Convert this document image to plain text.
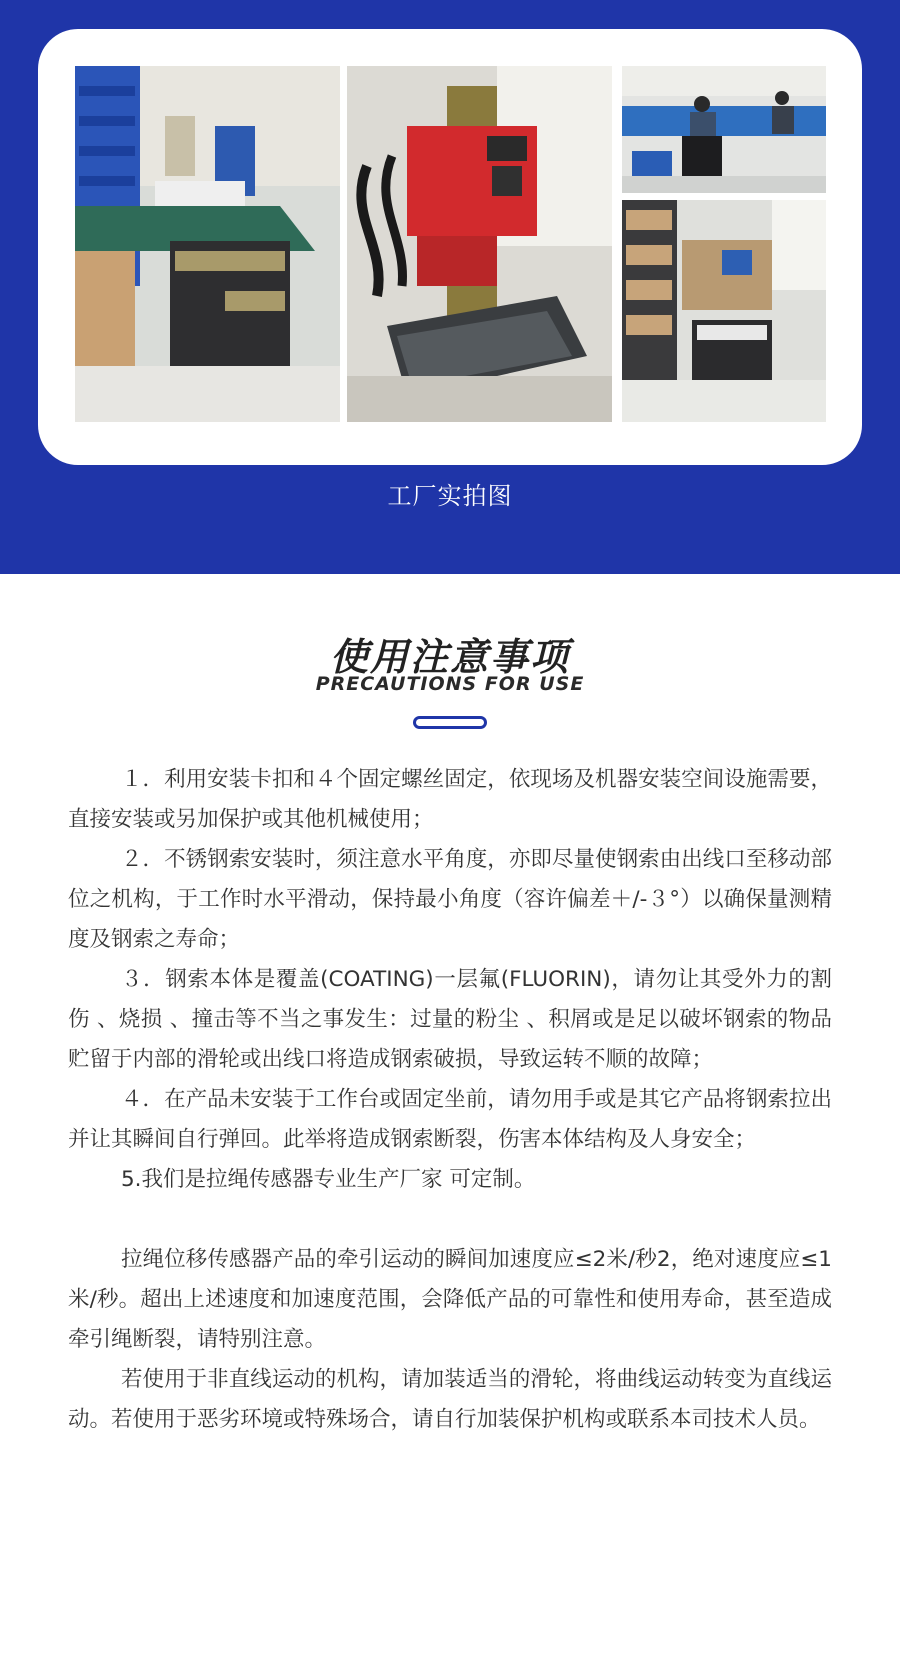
工厂实拍图
使用注意事项
PRECAUTIONS FOR USE

１．利用安装卡扣和４个固定螺丝固定，依现场及机器安装空间设施需要，直接安装或另加保护或其他机械使用；

２．不锈钢索安装时，须注意水平角度，亦即尽量使钢索由出线口至移动部位之机构，于工作时水平滑动，保持最小角度（容许偏差＋/-３°）以确保量测精度及钢索之寿命；

３．钢索本体是覆盖(COATING)一层氟(FLUORIN)，请勿让其受外力的割伤 、烧损 、撞击等不当之事发生：过量的粉尘 、积屑或是足以破坏钢索的物品贮留于内部的滑轮或出线口将造成钢索破损，导致运转不顺的故障；

４．在产品未安装于工作台或固定坐前，请勿用手或是其它产品将钢索拉出并让其瞬间自行弹回。此举将造成钢索断裂，伤害本体结构及人身安全；

5.我们是拉绳传感器专业生产厂家 可定制。

拉绳位移传感器产品的牵引运动的瞬间加速度应≤2米/秒2，绝对速度应≤1米/秒。超出上述速度和加速度范围，会降低产品的可靠性和使用寿命，甚至造成牵引绳断裂，请特别注意。

若使用于非直线运动的机构，请加装适当的滑轮，将曲线运动转变为直线运动。若使用于恶劣环境或特殊场合，请自行加装保护机构或联系本司技术人员。
